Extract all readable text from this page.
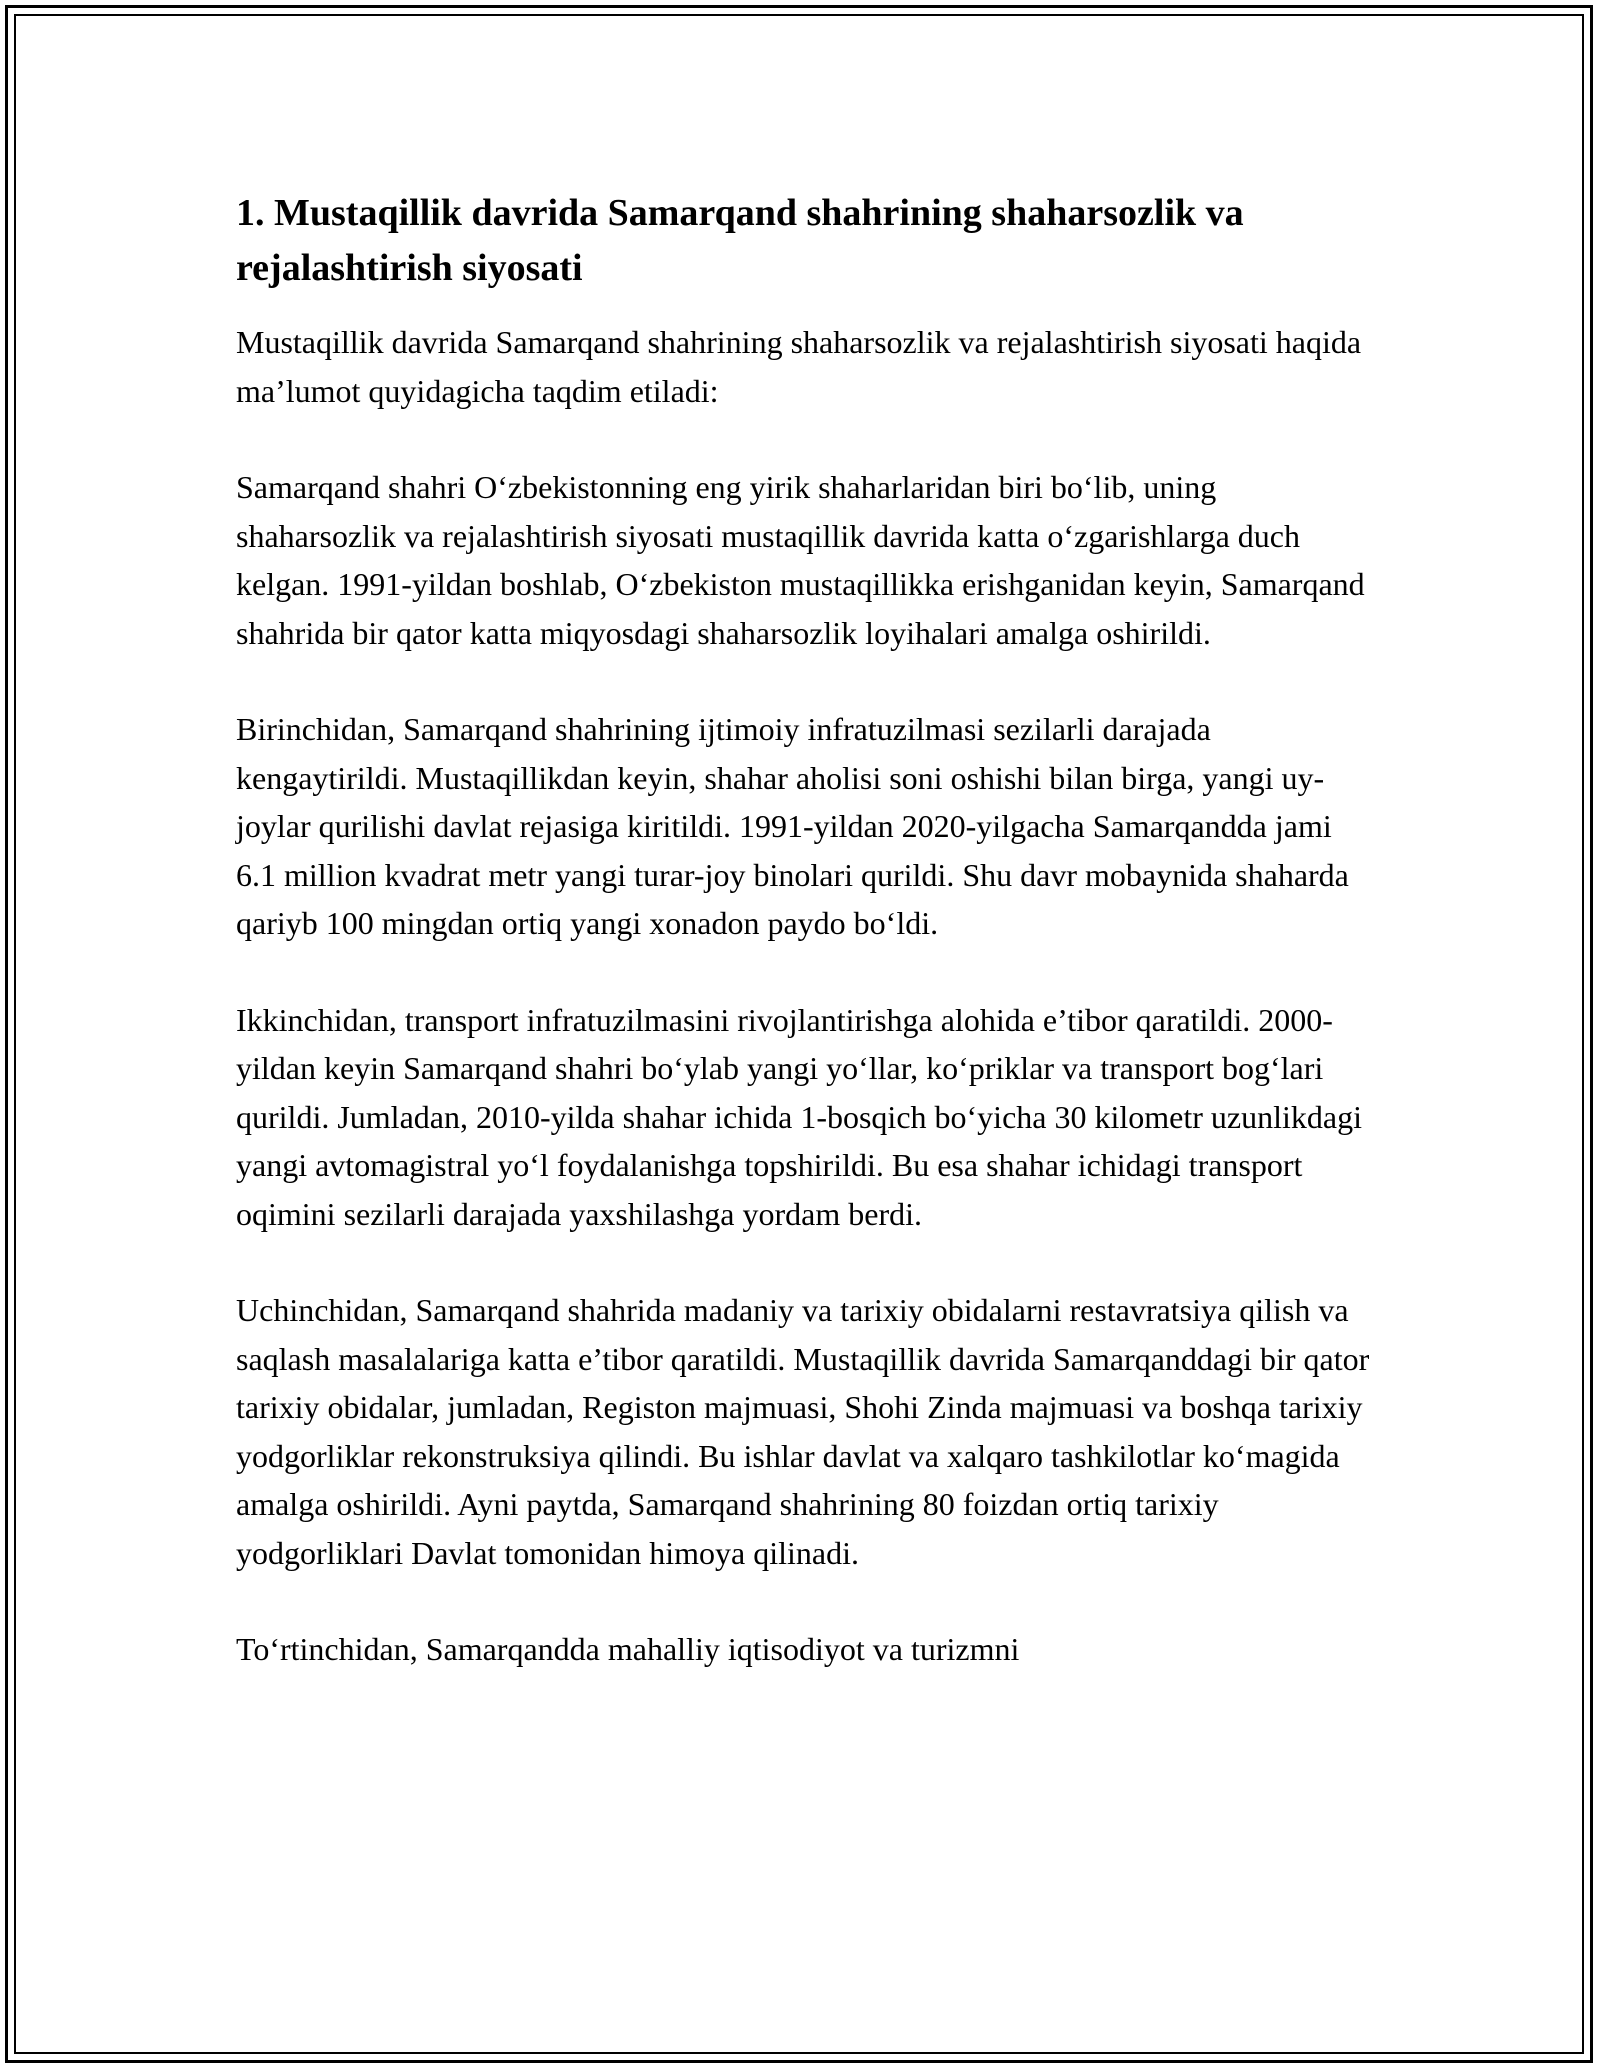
1. Mustaqillik davrida Samarqand shahrining shaharsozlik va rejalashtirish siyosati

Mustaqillik davrida Samarqand shahrining shaharsozlik va rejalashtirish siyosati haqida ma’lumot quyidagicha taqdim etiladi:

Samarqand shahri O‘zbekistonning eng yirik shaharlaridan biri bo‘lib, uning shaharsozlik va rejalashtirish siyosati mustaqillik davrida katta o‘zgarishlarga duch kelgan. 1991-yildan boshlab, O‘zbekiston mustaqillikka erishganidan keyin, Samarqand shahrida bir qator katta miqyosdagi shaharsozlik loyihalari amalga oshirildi.

Birinchidan, Samarqand shahrining ijtimoiy infratuzilmasi sezilarli darajada kengaytirildi. Mustaqillikdan keyin, shahar aholisi soni oshishi bilan birga, yangi uy-joylar qurilishi davlat rejasiga kiritildi. 1991-yildan 2020-yilgacha Samarqandda jami 6.1 million kvadrat metr yangi turar-joy binolari qurildi. Shu davr mobaynida shaharda qariyb 100 mingdan ortiq yangi xonadon paydo bo‘ldi.

Ikkinchidan, transport infratuzilmasini rivojlantirishga alohida e’tibor qaratildi. 2000-yildan keyin Samarqand shahri bo‘ylab yangi yo‘llar, ko‘priklar va transport bog‘lari qurildi. Jumladan, 2010-yilda shahar ichida 1-bosqich bo‘yicha 30 kilometr uzunlikdagi yangi avtomagistral yo‘l foydalanishga topshirildi. Bu esa shahar ichidagi transport oqimini sezilarli darajada yaxshilashga yordam berdi.

Uchinchidan, Samarqand shahrida madaniy va tarixiy obidalarni restavratsiya qilish va saqlash masalalariga katta e’tibor qaratildi. Mustaqillik davrida Samarqanddagi bir qator tarixiy obidalar, jumladan, Registon majmuasi, Shohi Zinda majmuasi va boshqa tarixiy yodgorliklar rekonstruksiya qilindi. Bu ishlar davlat va xalqaro tashkilotlar ko‘magida amalga oshirildi. Ayni paytda, Samarqand shahrining 80 foizdan ortiq tarixiy yodgorliklari Davlat tomonidan himoya qilinadi.

To‘rtinchidan, Samarqandda mahalliy iqtisodiyot va turizmni
